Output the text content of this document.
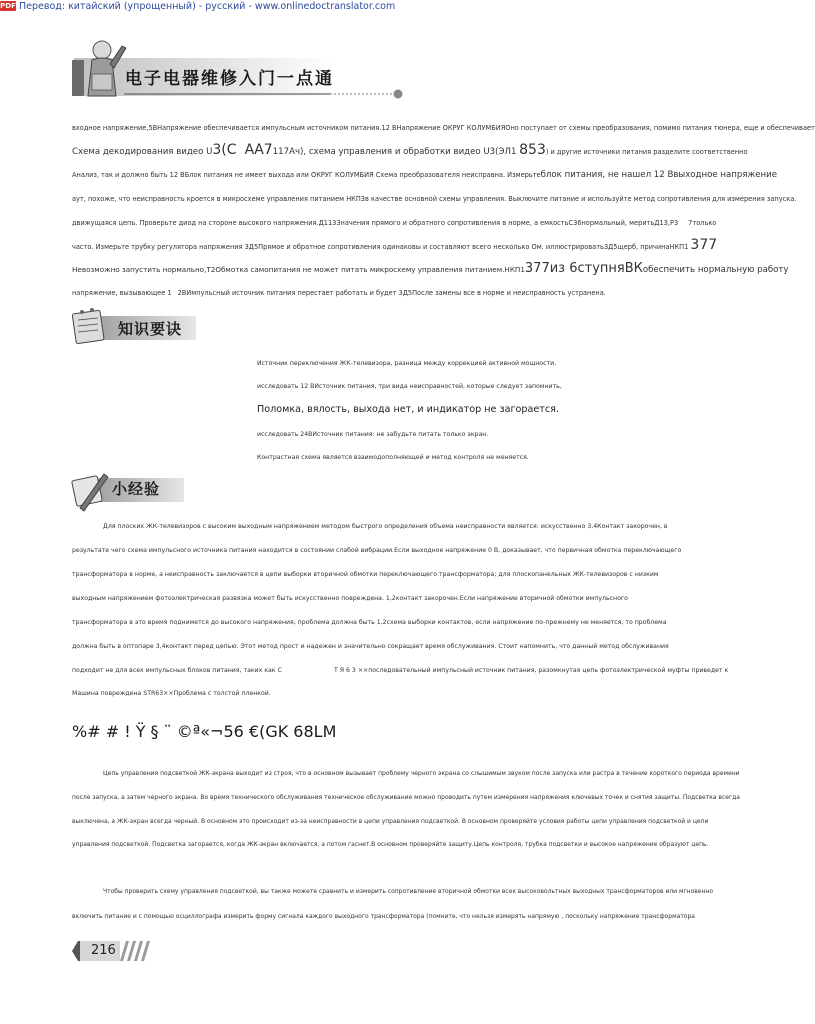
PDF Перевод: китайский (упрощенный) - русский - www.onlinedoctranslator.com
电子电器维修入门一点通
входное напряжение,5ВНапряжение обеспечивается импульсным источником питания.12 ВНапряжение ОКРУГ КОЛУМБИЯОно поступает от схемы преобразования, помимо питания тюнера, еще и обеспечивает
Схема декодирования видео U3(С АА7117Ач), схема управления и обработки видео U3(ЭЛ1 853) и другие источники питания разделите соответственно
Анализ, так и должно быть 12 ВБлок питания не имеет выхода или ОКРУГ КОЛУМБИЯ Схема преобразователя неисправна. Измерьтеблок питания, не нашел 12 Ввыходное напряжение
аут, похоже, что неисправность кроется в микросхеме управления питанием НКП3в качестве основной схемы управления. Выключите питание и используйте метод сопротивления для измерения запуска.
движущаяся цепь. Проверьте диод на стороне высокого напряжения.Д113Значения прямого и обратного сопротивления в норме, а емкостьС36нормальный, меритьД13,Р3 7только
часто. Измерьте трубку регулятора напряжения 3Д5Прямое и обратное сопротивления одинаковы и составляют всего несколько Ом. иллюстрировать3Д5щерб, причинаНКП1 377
Невозможно запустить нормально,Т2Обмотка самопитания не может питать микросхему управления питанием.НКП1377из 6ступняВКобеспечить нормальную работу
напряжение, вызывающее 1 2ВИмпульсный источник питания перестает работать и будет 3Д5После замены все в норме и неисправность устранена.
知识要诀
Источник переключения ЖК-телевизора, разница между коррекцией активной мощности,
исследовать 12 ВИсточник питания, три вида неисправностей, которые следует запомнить,
Поломка, вялость, выхода нет, и индикатор не загорается.
исследовать 24ВИсточник питания: не забудьте питать только экран.
Контрастная схема является взаимодополняющей и метод контроля не меняется.
小经验
Для плоских ЖК-телевизоров с высоким выходным напряжением методом быстрого определения объема неисправности является: искусственно 3,4Контакт закорочен, в
результате чего схема импульсного источника питания находится в состоянии слабой вибрации.Если выходное напряжение 0 В, доказывает, что первичная обмотка переключающего
трансформатора в норме, а неисправность заключается в цепи выборки вторичной обмотки переключающего трансформатора; для плоскопанельных ЖК-телевизоров с низким
выходным напряжением фотоэлектрическая развязка может быть искусственно повреждена. 1,2контакт закорочен.Если напряжение вторичной обмотки импульсного
трансформатора в это время поднимется до высокого напряжения, проблема должна быть 1,2схема выборки контактов, если напряжение по-прежнему не меняется, то проблема
должна быть в оптопаре 3,4контакт перед цепью. Этот метод прост и надежен и значительно сокращает время обслуживания. Стоит напомнить, что данный метод обслуживания
подходит не для всех импульсных блоков питания, таких как С	Т Я 6 3 ××последовательный импульсный источник питания, разомкнутая цепь фотоэлектрической муфты приведет к
Машина повреждена STR63××Проблема с толстой пленкой.
%# # ! Ÿ § ¨ ©ª«¬56 €(GK 68LM
Цепь управления подсветкой ЖК-экрана выходит из строя, что в основном вызывает проблему черного экрана со слышимым звуком после запуска или растра в течение короткого периода времени
после запуска, а затем черного экрана. Во время технического обслуживания техническое обслуживание можно проводить путем измерения напряжения ключевых точек и снятия защиты. Подсветка всегда
выключена, а ЖК-экран всегда черный. В основном это происходит из-за неисправности в цепи управления подсветкой. В основном проверяйте условия работы цепи управления подсветкой и цепи
управления подсветкой. Подсветка загорается, когда ЖК-экран включается, а потом гаснет.В основном проверяйте защиту.Цепь контроля, трубка подсветки и высокое напряжение образуют цепь.
Чтобы проверить схему управления подсветкой, вы также можете сравнить и измерить сопротивление вторичной обмотки всех высоковольтных выходных трансформаторов или мгновенно
включить питание и с помощью осциллографа измерить форму сигнала каждого выходного трансформатора (помните, что нельзя измерять напрямую , поскольку напряжение трансформатора
216
